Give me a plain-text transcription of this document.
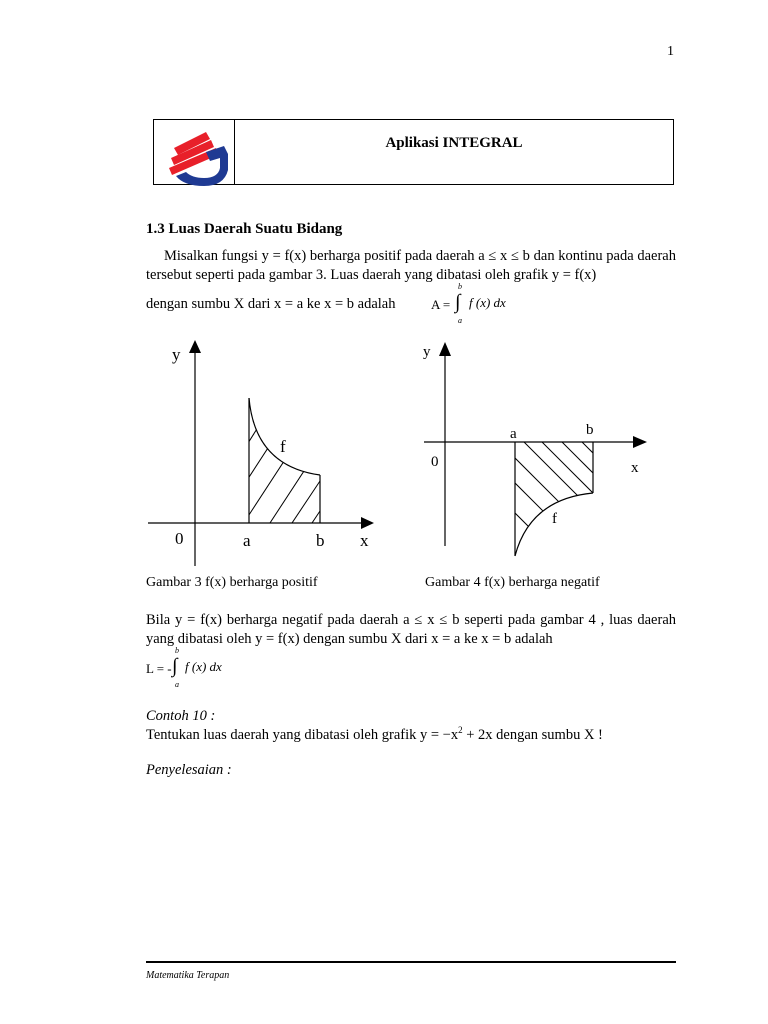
1
Aplikasi INTEGRAL
1.3 Luas Daerah Suatu Bidang
Misalkan fungsi y = f(x) berharga positif pada daerah a ≤ x ≤ b dan kontinu pada daerah tersebut seperti pada gambar 3. Luas daerah yang dibatasi oleh grafik y = f(x)
dengan sumbu X dari x = a ke x = b adalah
b
A = ∫ f (x) dx
a
y
x
0	a	b
f
y
x
0
a	b
f
Gambar 3 f(x) berharga positif	Gambar 4 f(x) berharga negatif
Bila y = f(x) berharga negatif pada daerah a ≤ x ≤ b seperti pada gambar 4 , luas daerah yang dibatasi oleh y = f(x) dengan sumbu X dari x = a ke x = b adalah
b
L = - ∫ f (x) dx
a
Contoh 10 :
Tentukan luas daerah yang dibatasi oleh grafik $y = -x^2 + 2x$ dengan sumbu X !
Penyelesaian :
Matematika Terapan
